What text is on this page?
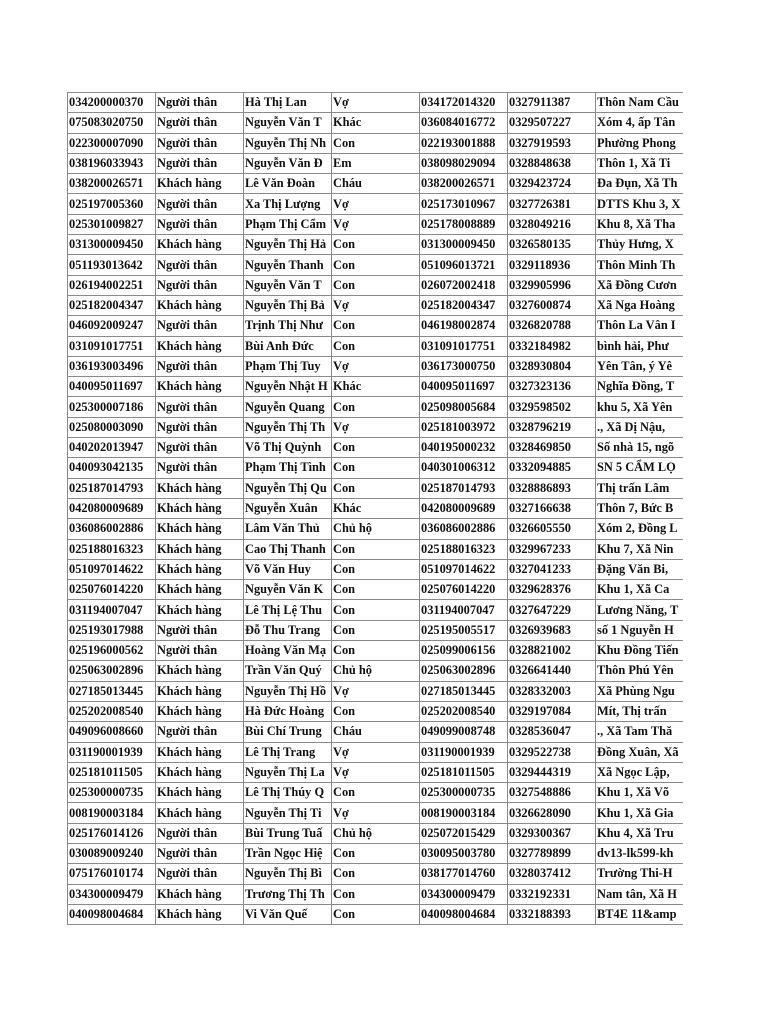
034200000370	Người thân	Hà Thị Lan	Vợ	034172014320	0327911387	Thôn Nam Cầu
075083020750	Người thân	Nguyễn Văn T	Khác	036084016772	0329507227	Xóm 4, ấp Tân
022300007090	Người thân	Nguyễn Thị Nh	Con	022193001888	0327919593	Phường Phong
038196033943	Người thân	Nguyễn Văn Đ	Em	038098029094	0328848638	Thôn 1, Xã Ti
038200026571	Khách hàng	Lê Văn Đoàn	Cháu	038200026571	0329423724	Đa Đụn, Xã Th
025197005360	Người thân	Xa Thị Lượng	Vợ	025173010967	0327726381	DTTS Khu 3, X
025301009827	Người thân	Phạm Thị Cẩm	Vợ	025178008889	0328049216	Khu 8, Xã Tha
031300009450	Khách hàng	Nguyễn Thị Hả	Con	031300009450	0326580135	Thủy Hưng, X
051193013642	Người thân	Nguyễn Thanh	Con	051096013721	0329118936	Thôn Minh Th
026194002251	Người thân	Nguyễn Văn T	Con	026072002418	0329905996	Xã Đồng Cươn
025182004347	Khách hàng	Nguyễn Thị Bả	Vợ	025182004347	0327600874	Xã Nga Hoàng
046092009247	Người thân	Trịnh Thị Như	Con	046198002874	0326820788	Thôn La Vân I
031091017751	Khách hàng	Bùi Anh Đức	Con	031091017751	0332184982	bình hải, Phư
036193003496	Người thân	Phạm Thị Tuy	Vợ	036173000750	0328930804	Yên Tân, ý Yê
040095011697	Khách hàng	Nguyễn Nhật H	Khác	040095011697	0327323136	Nghĩa Đồng, T
025300007186	Người thân	Nguyễn Quang	Con	025098005684	0329598502	khu 5, Xã Yên
025080003090	Người thân	Nguyễn Thị Th	Vợ	025181003972	0328796219	., Xã Dị Nậu,
040202013947	Người thân	Võ Thị Quỳnh	Con	040195000232	0328469850	Số nhà 15, ngõ
040093042135	Người thân	Phạm Thị Tình	Con	040301006312	0332094885	SN 5 CẨM LỌ
025187014793	Khách hàng	Nguyễn Thị Qu	Con	025187014793	0328886893	Thị trấn Lâm
042080009689	Khách hàng	Nguyễn Xuân	Khác	042080009689	0327166638	Thôn 7, Bức B
036086002886	Khách hàng	Lâm Văn Thủ	Chủ hộ	036086002886	0326605550	Xóm 2, Đồng L
025188016323	Khách hàng	Cao Thị Thanh	Con	025188016323	0329967233	Khu 7, Xã Nin
051097014622	Khách hàng	Võ Văn Huy	Con	051097014622	0327041233	Đặng Văn Bi,
025076014220	Khách hàng	Nguyễn Văn K	Con	025076014220	0329628376	Khu 1, Xã Ca
031194007047	Khách hàng	Lê Thị Lệ Thu	Con	031194007047	0327647229	Lương Năng, T
025193017988	Người thân	Đỗ Thu Trang	Con	025195005517	0326939683	số 1 Nguyễn H
025196000562	Người thân	Hoàng Văn Mạ	Con	025099006156	0328821002	Khu Đồng Tiến
025063002896	Khách hàng	Trần Văn Quý	Chủ hộ	025063002896	0326641440	Thôn Phú Yên
027185013445	Khách hàng	Nguyễn Thị Hồ	Vợ	027185013445	0328332003	Xã Phùng Ngu
025202008540	Khách hàng	Hà Đức Hoàng	Con	025202008540	0329197084	Mít, Thị trấn
049096008660	Người thân	Bùi Chí Trung	Cháu	049099008748	0328536047	., Xã Tam Thă
031190001939	Khách hàng	Lê Thị Trang	Vợ	031190001939	0329522738	Đồng Xuân, Xã
025181011505	Khách hàng	Nguyễn Thị La	Vợ	025181011505	0329444319	Xã Ngọc Lập,
025300000735	Khách hàng	Lê Thị Thúy Q	Con	025300000735	0327548886	Khu 1, Xã Võ
008190003184	Khách hàng	Nguyễn Thị Ti	Vợ	008190003184	0326628090	Khu 1, Xã Gia
025176014126	Người thân	Bùi Trung Tuấ	Chủ hộ	025072015429	0329300367	Khu 4, Xã Tru
030089009240	Người thân	Trần Ngọc Hiệ	Con	030095003780	0327789899	dv13-lk599-kh
075176010174	Người thân	Nguyễn Thị Bì	Con	038177014760	0328037412	Trường Thi-H
034300009479	Khách hàng	Trương Thị Th	Con	034300009479	0332192331	Nam tân, Xã H
040098004684	Khách hàng	Vi Văn Quế	Con	040098004684	0332188393	BT4E 11&amp
